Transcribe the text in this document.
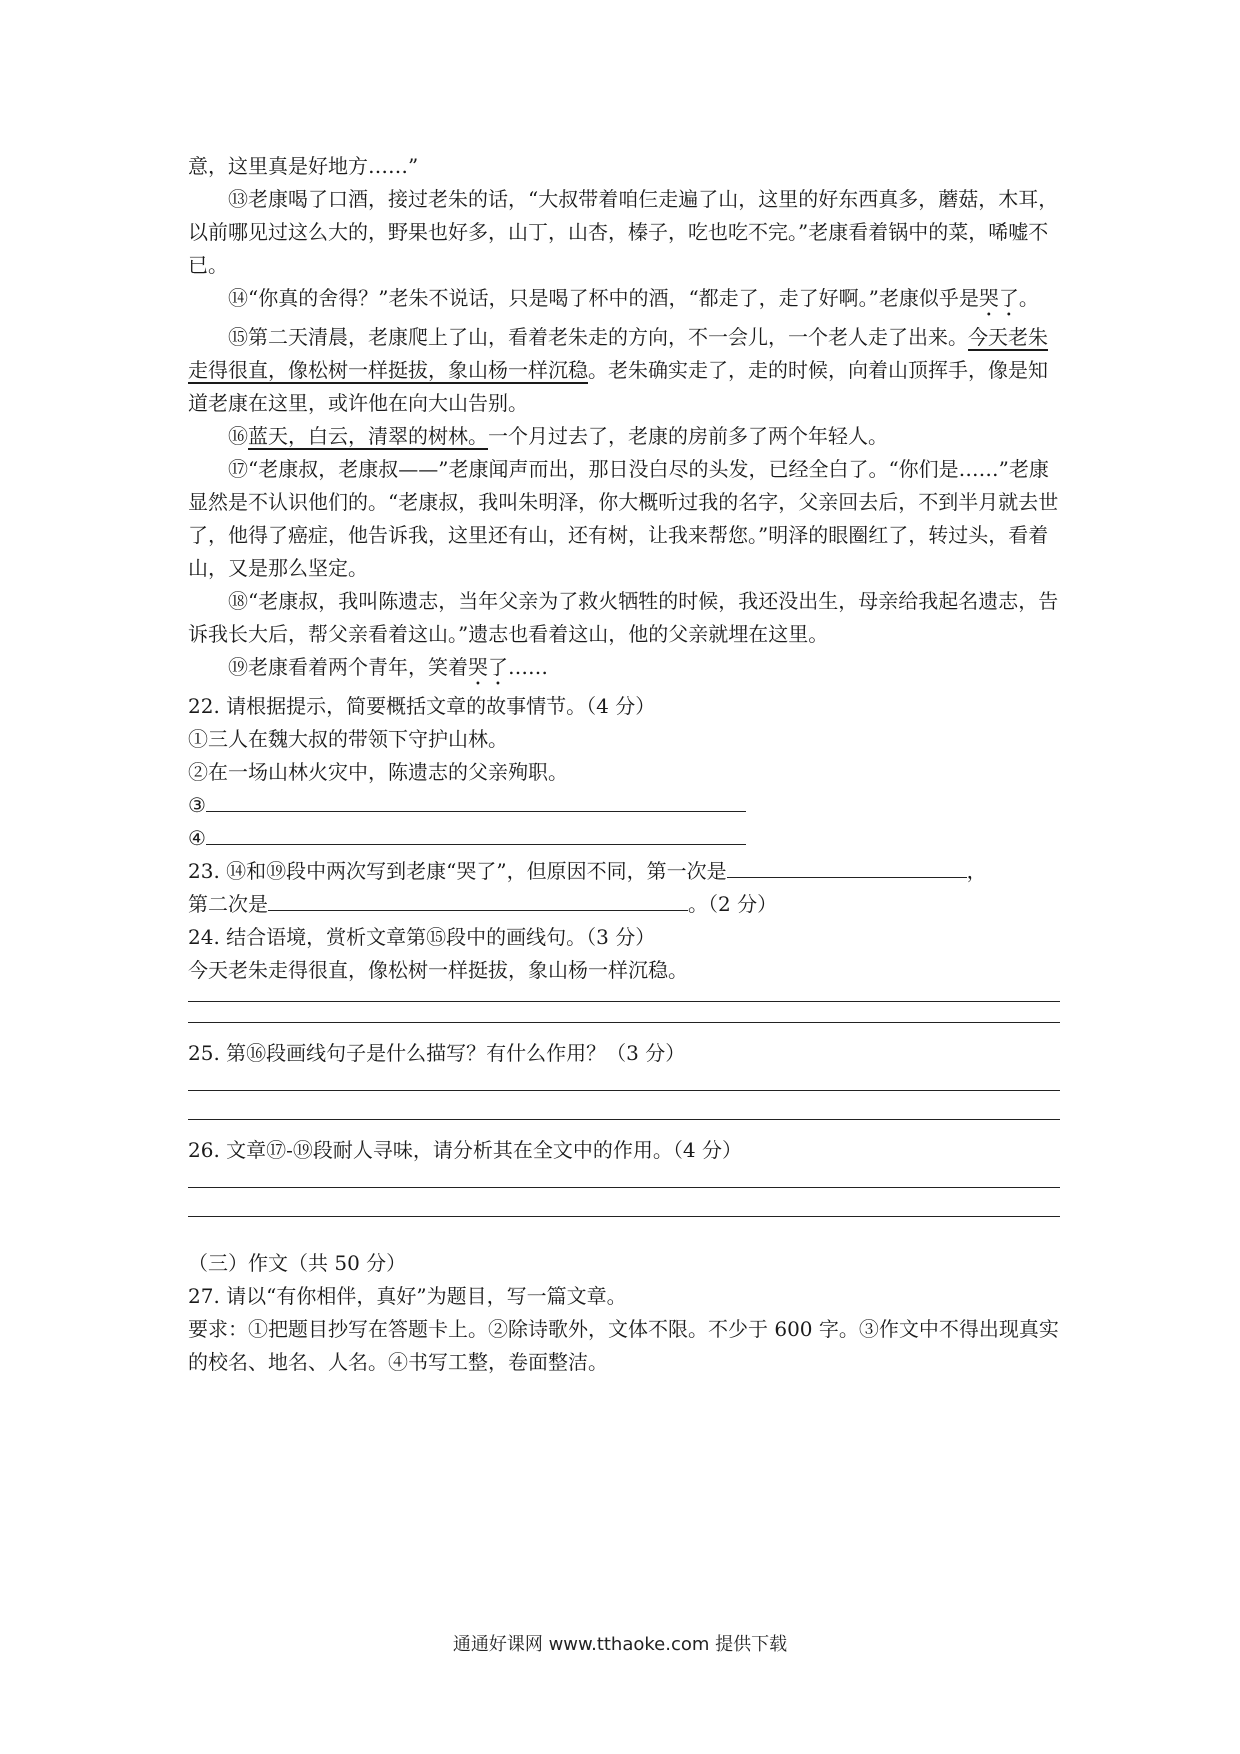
意，这里真是好地方……”

⑬老康喝了口酒，接过老朱的话，“大叔带着咱仨走遍了山，这里的好东西真多，蘑菇，木耳，以前哪见过这么大的，野果也好多，山丁，山杏，榛子，吃也吃不完。”老康看着锅中的菜，唏嘘不已。

⑭“你真的舍得？”老朱不说话，只是喝了杯中的酒，“都走了，走了好啊。”老康似乎是哭了。

⑮第二天清晨，老康爬上了山，看着老朱走的方向，不一会儿，一个老人走了出来。今天老朱走得很直，像松树一样挺拔，象山杨一样沉稳。老朱确实走了，走的时候，向着山顶挥手，像是知道老康在这里，或许他在向大山告别。

⑯蓝天，白云，清翠的树林。一个月过去了，老康的房前多了两个年轻人。

⑰“老康叔，老康叔——”老康闻声而出，那日没白尽的头发，已经全白了。“你们是……”老康显然是不认识他们的。“老康叔，我叫朱明泽，你大概听过我的名字，父亲回去后，不到半月就去世了，他得了癌症，他告诉我，这里还有山，还有树，让我来帮您。”明泽的眼圈红了，转过头，看着山，又是那么坚定。

⑱“老康叔，我叫陈遗志，当年父亲为了救火牺牲的时候，我还没出生，母亲给我起名遗志，告诉我长大后，帮父亲看着这山。”遗志也看着这山，他的父亲就埋在这里。

⑲老康看着两个青年，笑着哭了……

22. 请根据提示，简要概括文章的故事情节。（4 分）

①三人在魏大叔的带领下守护山林。

②在一场山林火灾中，陈遗志的父亲殉职。

③

④

23. ⑭和⑲段中两次写到老康“哭了”，但原因不同，第一次是	，

第二次是	。（2 分）

24. 结合语境，赏析文章第⑮段中的画线句。（3 分）

今天老朱走得很直，像松树一样挺拔，象山杨一样沉稳。

25. 第⑯段画线句子是什么描写？有什么作用？（3 分）

26. 文章⑰-⑲段耐人寻味，请分析其在全文中的作用。（4 分）

（三）作文（共 50 分）

27. 请以“有你相伴，真好”为题目，写一篇文章。

要求：①把题目抄写在答题卡上。②除诗歌外，文体不限。不少于 600 字。③作文中不得出现真实的校名、地名、人名。④书写工整，卷面整洁。

通通好课网 www.tthaoke.com 提供下载
